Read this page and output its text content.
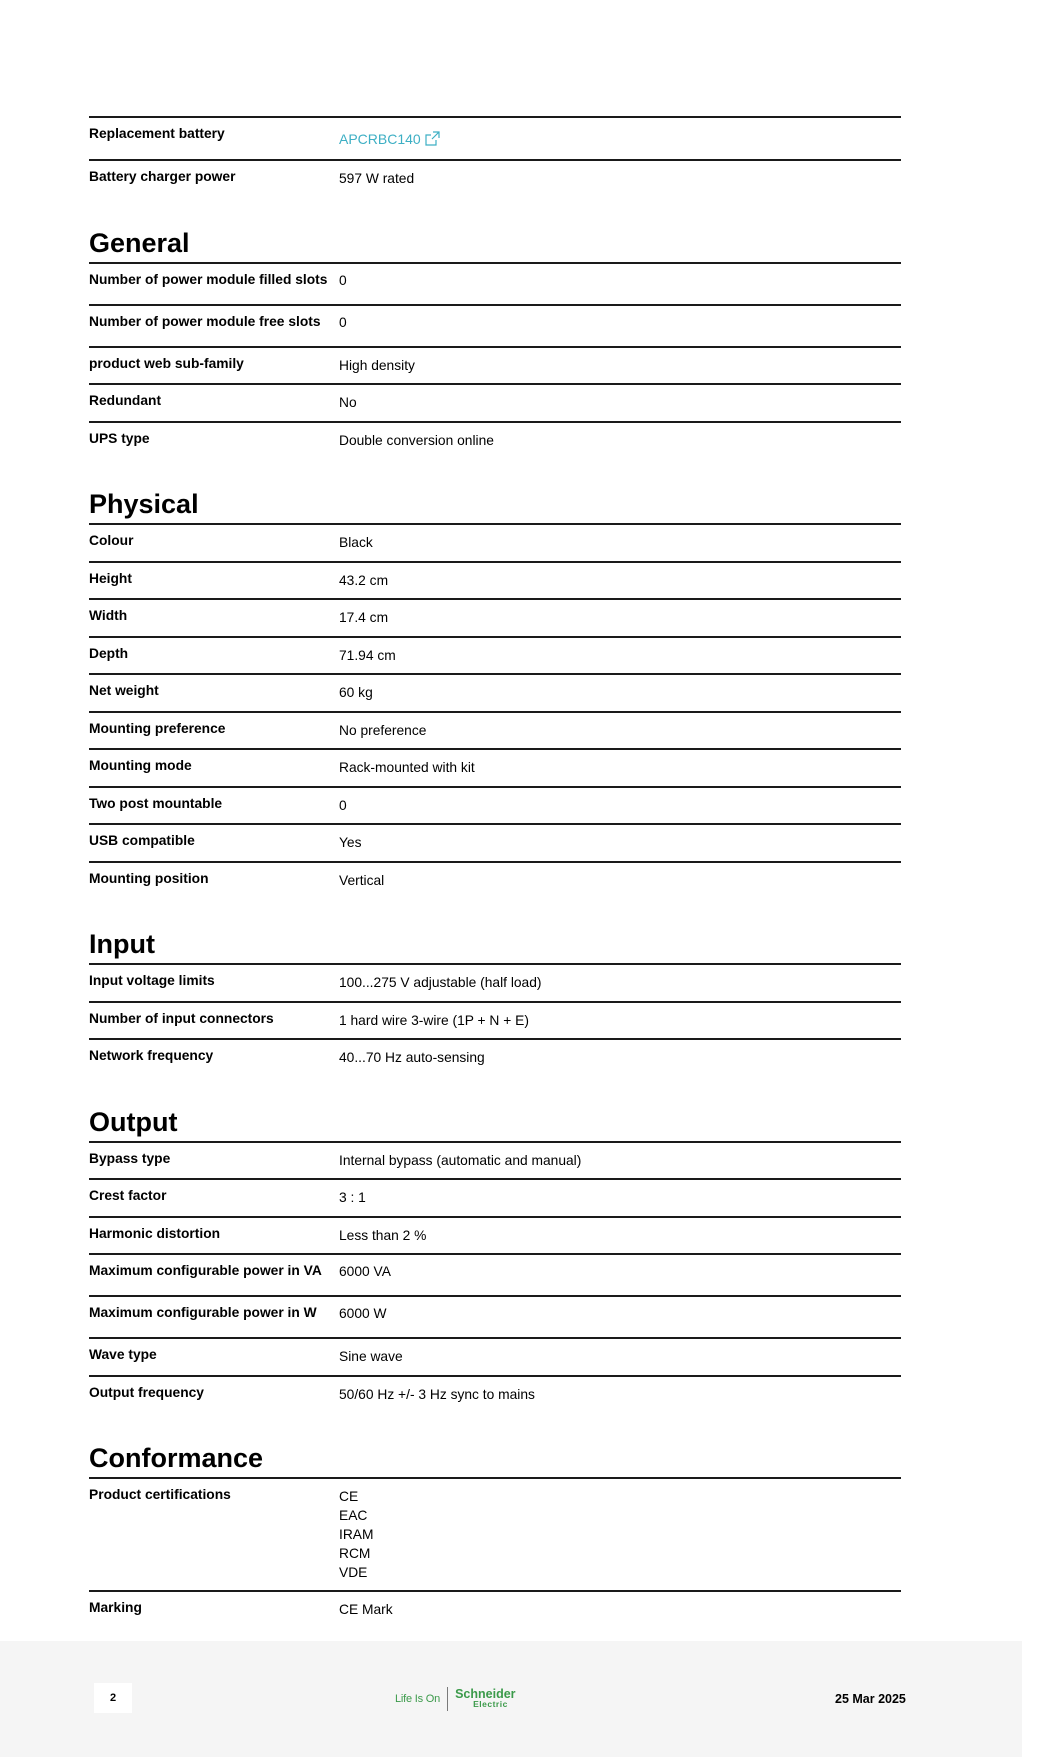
Replacement battery	APCRBC140
Battery charger power	597 W rated
General
Number of power module filled slots 0
Number of power module free slots	0
product web sub-family	High density
Redundant	No
UPS type	Double conversion online
Physical
Colour	Black
Height	43.2 cm
Width	17.4 cm
Depth	71.94 cm
Net weight	60 kg
Mounting preference	No preference
Mounting mode	Rack-mounted with kit
Two post mountable	0
USB compatible	Yes
Mounting position	Vertical
Input
Input voltage limits	100...275 V adjustable (half load)
Number of input connectors	1 hard wire 3-wire (1P + N + E)
Network frequency	40...70 Hz auto-sensing
Output
Bypass type	Internal bypass (automatic and manual)
Crest factor	3 : 1
Harmonic distortion	Less than 2 %
Maximum configurable power in VA	6000 VA
Maximum configurable power in W	6000 W
Wave type	Sine wave
Output frequency	50/60 Hz +/- 3 Hz sync to mains
Conformance
Product certifications	CE
EAC
IRAM
RCM
VDE
Marking	CE Mark
2	Life Is On Schneider
Electric	25 Mar 2025
